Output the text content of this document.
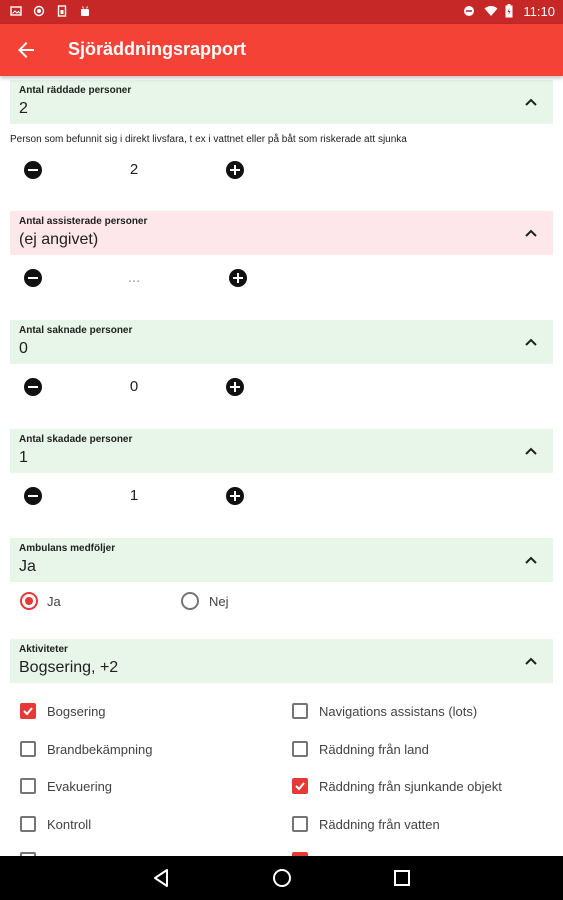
11:10
Sjöräddningsrapport
Antal räddade personer
2
Person som befunnit sig i direkt livsfara, t ex i vattnet eller på båt som riskerade att sjunka
2
Antal assisterade personer
(ej angivet)
...
Antal saknade personer
0
0
Antal skadade personer
1
1
Ambulans medföljer
Ja
Ja	Nej
Aktiviteter
Bogsering, +2
Bogsering	Navigations assistans (lots)
Brandbekämpning	Räddning från land
Evakuering	Räddning från sjunkande objekt
Kontroll	Räddning från vatten
